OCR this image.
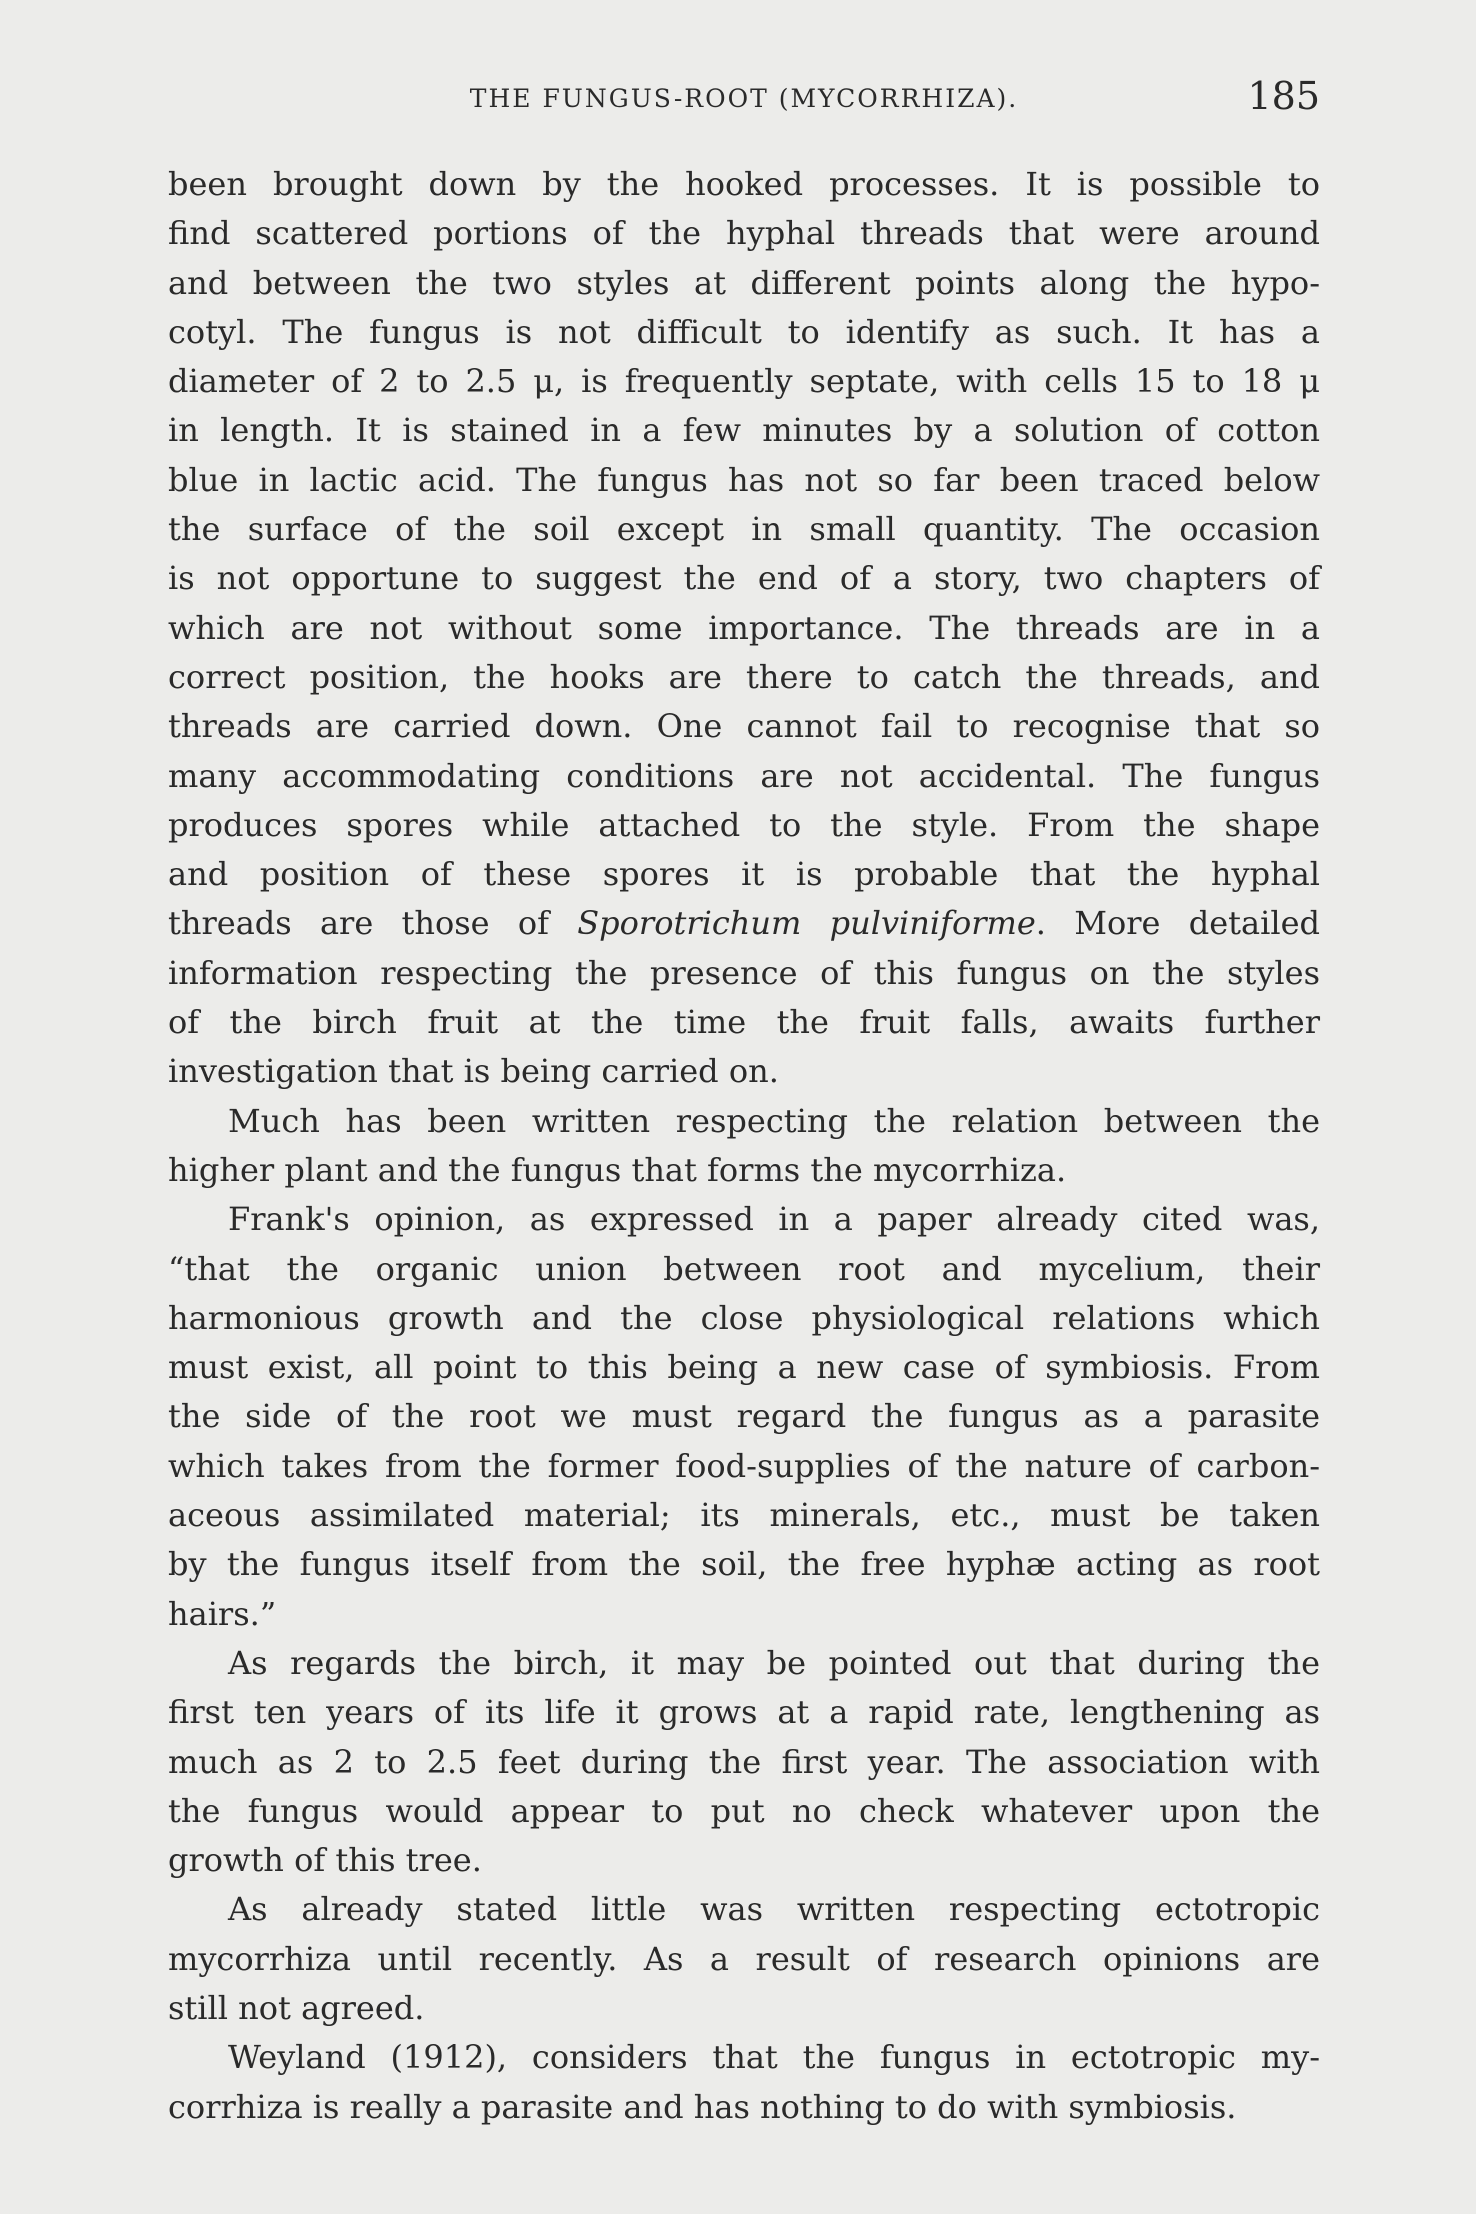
THE FUNGUS-ROOT (MYCORRHIZA).	185
been brought down by the hooked processes. It is possible to
find scattered portions of the hyphal threads that were around
and between the two styles at different points along the hypo-
cotyl. The fungus is not difficult to identify as such. It has a
diameter of 2 to 2.5 μ, is frequently septate, with cells 15 to 18 μ
in length. It is stained in a few minutes by a solution of cotton
blue in lactic acid. The fungus has not so far been traced below
the surface of the soil except in small quantity. The occasion
is not opportune to suggest the end of a story, two chapters of
which are not without some importance. The threads are in a
correct position, the hooks are there to catch the threads, and
threads are carried down. One cannot fail to recognise that so
many accommodating conditions are not accidental. The fungus
produces spores while attached to the style. From the shape
and position of these spores it is probable that the hyphal
threads are those of Sporotrichum pulviniforme. More detailed
information respecting the presence of this fungus on the styles
of the birch fruit at the time the fruit falls, awaits further
investigation that is being carried on.
Much has been written respecting the relation between the
higher plant and the fungus that forms the mycorrhiza.
Frank's opinion, as expressed in a paper already cited was,
“that the organic union between root and mycelium, their
harmonious growth and the close physiological relations which
must exist, all point to this being a new case of symbiosis. From
the side of the root we must regard the fungus as a parasite
which takes from the former food-supplies of the nature of carbon-
aceous assimilated material; its minerals, etc., must be taken
by the fungus itself from the soil, the free hyphæ acting as root
hairs.”
As regards the birch, it may be pointed out that during the
first ten years of its life it grows at a rapid rate, lengthening as
much as 2 to 2.5 feet during the first year. The association with
the fungus would appear to put no check whatever upon the
growth of this tree.
As already stated little was written respecting ectotropic
mycorrhiza until recently. As a result of research opinions are
still not agreed.
Weyland (1912), considers that the fungus in ectotropic my-
corrhiza is really a parasite and has nothing to do with symbiosis.
